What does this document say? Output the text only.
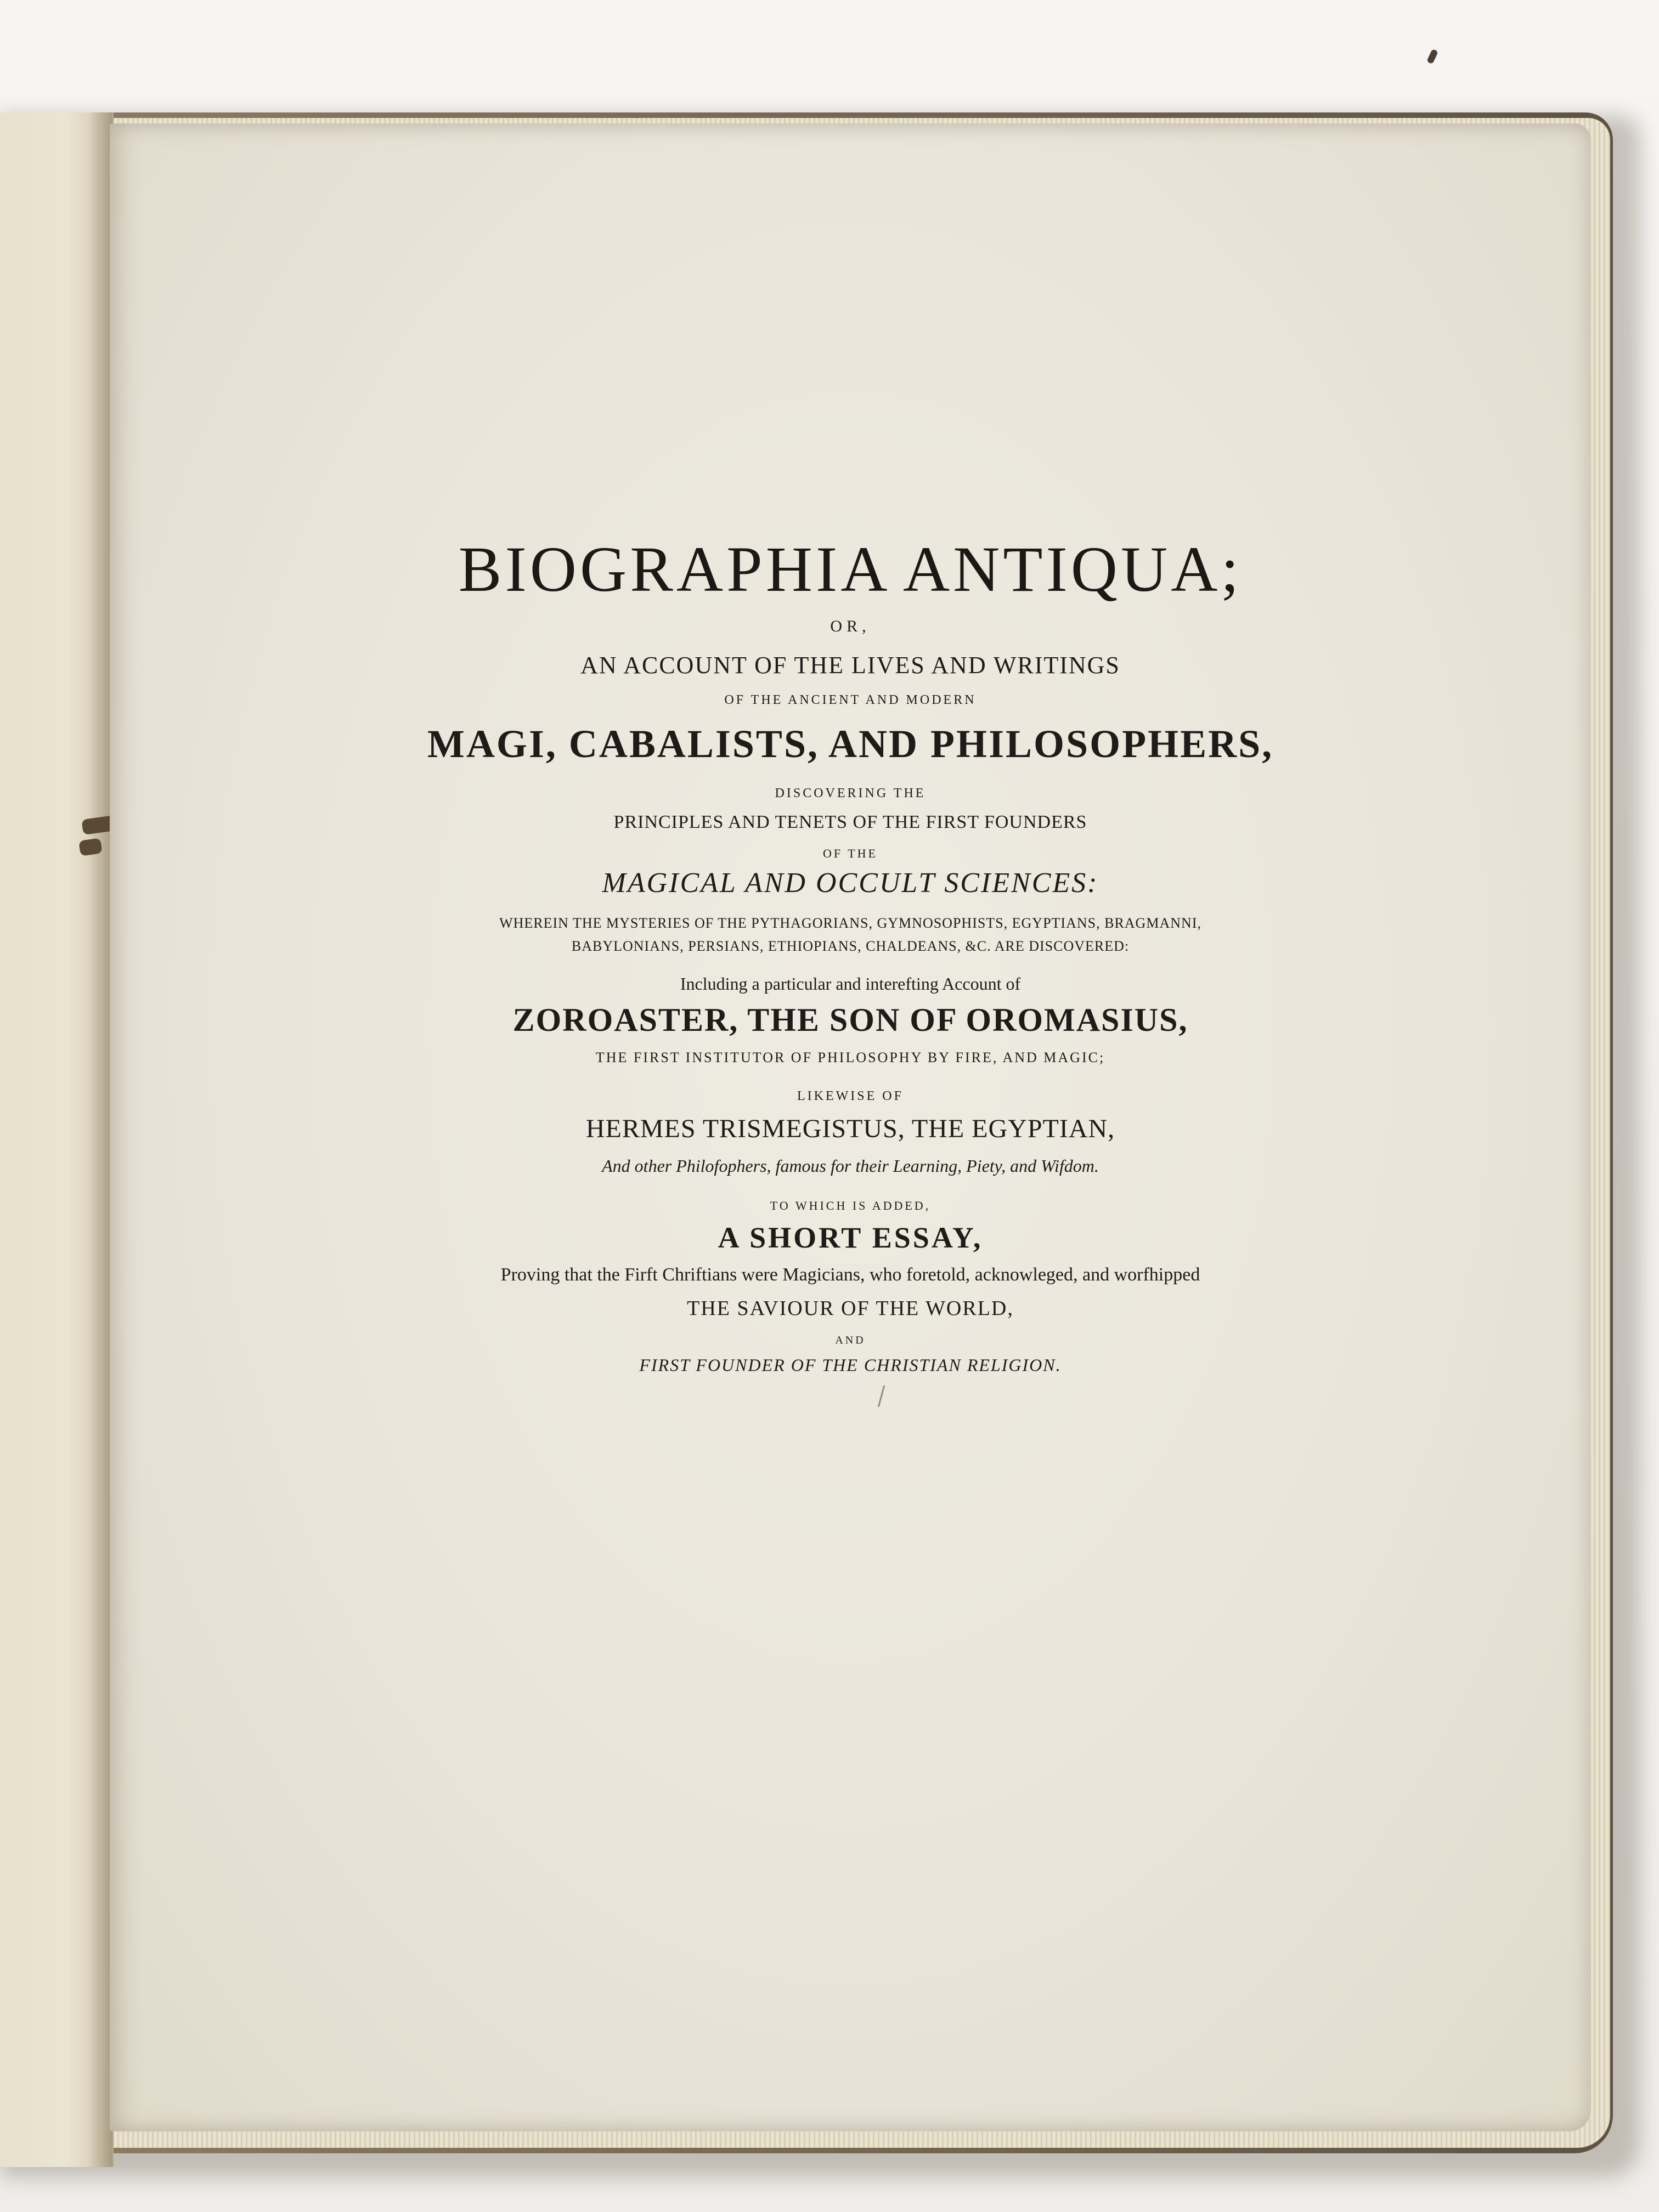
BIOGRAPHIA ANTIQUA;
OR,
AN ACCOUNT OF THE LIVES AND WRITINGS
OF THE ANCIENT AND MODERN
MAGI, CABALISTS, AND PHILOSOPHERS,
DISCOVERING THE
PRINCIPLES AND TENETS OF THE FIRST FOUNDERS
OF THE
MAGICAL AND OCCULT SCIENCES:
WHEREIN THE MYSTERIES OF THE PYTHAGORIANS, GYMNOSOPHISTS, EGYPTIANS, BRAGMANNI,
BABYLONIANS, PERSIANS, ETHIOPIANS, CHALDEANS, &C. ARE DISCOVERED:
Including a particular and interefting Account of
ZOROASTER, THE SON OF OROMASIUS,
THE FIRST INSTITUTOR OF PHILOSOPHY BY FIRE, AND MAGIC;
LIKEWISE OF
HERMES TRISMEGISTUS, THE EGYPTIAN,
And other Philofophers, famous for their Learning, Piety, and Wifdom.
TO WHICH IS ADDED,
A SHORT ESSAY,
Proving that the Firft Chriftians were Magicians, who foretold, acknowleged, and worfhipped
THE SAVIOUR OF THE WORLD,
AND
FIRST FOUNDER OF THE CHRISTIAN RELIGION.
